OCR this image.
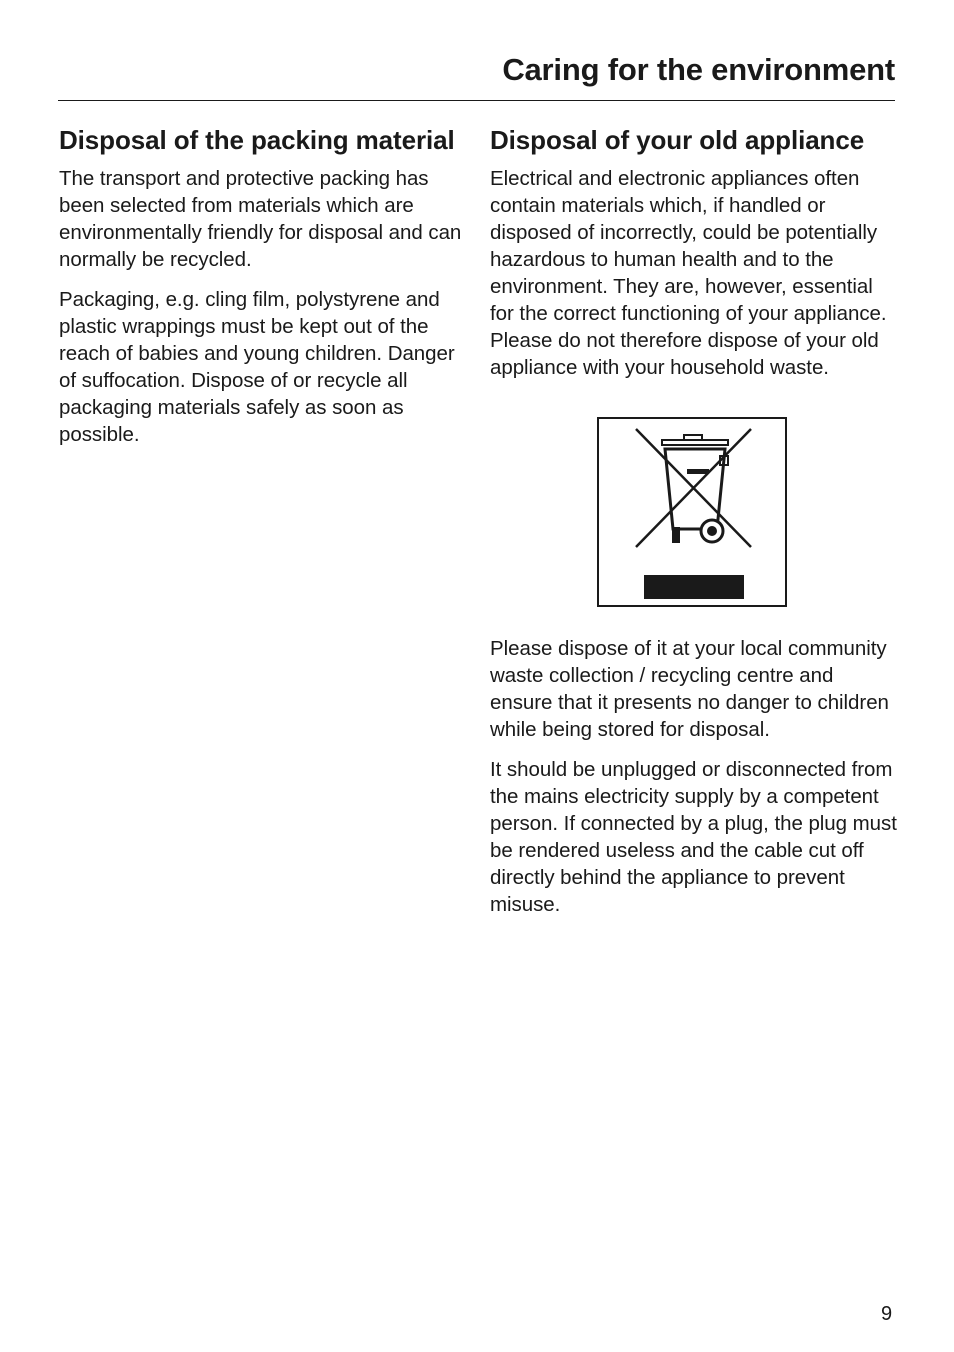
Caring for the environment
Disposal of the packing material

The transport and protective packing has been selected from materials which are environmentally friendly for disposal and can normally be recycled.

Packaging, e.g. cling film, polystyrene and plastic wrappings must be kept out of the reach of babies and young children. Danger of suffocation. Dispose of or recycle all packaging materials safely as soon as possible.

Disposal of your old appliance

Electrical and electronic appliances often contain materials which, if handled or disposed of incorrectly, could be potentially hazardous to human health and to the environment. They are, however, essential for the correct functioning of your appliance. Please do not therefore dispose of your old appliance with your household waste.

Please dispose of it at your local community waste collection / recycling centre and ensure that it presents no danger to children while being stored for disposal.

It should be unplugged or disconnected from the mains electricity supply by a competent person. If connected by a plug, the plug must be rendered useless and the cable cut off directly behind the appliance to prevent misuse.

9
